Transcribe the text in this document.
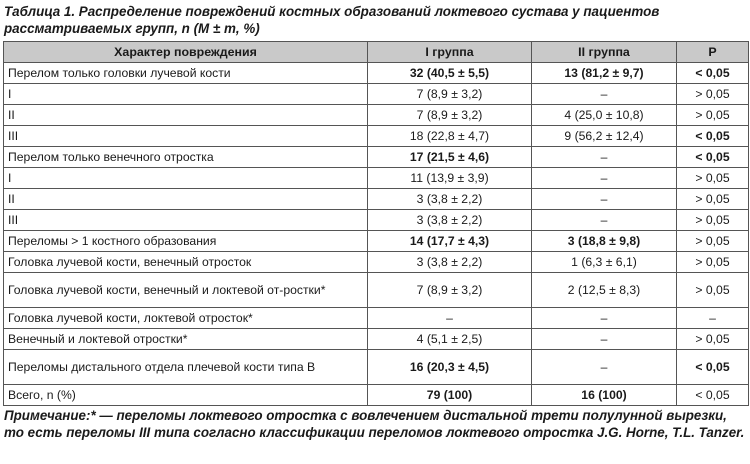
Таблица 1. Распределение повреждений костных образований локтевого сустава у пациентов рассматриваемых групп, n (M ± m, %)
Характер повреждения	I группа	II группа	P
Перелом только головки лучевой кости	32 (40,5 ± 5,5)	13 (81,2 ± 9,7)	< 0,05
I	7 (8,9 ± 3,2)	–	> 0,05
II	7 (8,9 ± 3,2)	4 (25,0 ± 10,8)	> 0,05
III	18 (22,8 ± 4,7)	9 (56,2 ± 12,4)	< 0,05
Перелом только венечного отростка	17 (21,5 ± 4,6)	–	< 0,05
I	11 (13,9 ± 3,9)	–	> 0,05
II	3 (3,8 ± 2,2)	–	> 0,05
III	3 (3,8 ± 2,2)	–	> 0,05
Переломы > 1 костного образования	14 (17,7 ± 4,3)	3 (18,8 ± 9,8)	> 0,05
Головка лучевой кости, венечный отросток	3 (3,8 ± 2,2)	1 (6,3 ± 6,1)	> 0,05
Головка лучевой кости, венечный и локтевой от-ростки*	7 (8,9 ± 3,2)	2 (12,5 ± 8,3)	> 0,05
Головка лучевой кости, локтевой отросток*	–	–	–
Венечный и локтевой отростки*	4 (5,1 ± 2,5)	–	> 0,05
Переломы дистального отдела плечевой кости типа В	16 (20,3 ± 4,5)	–	< 0,05
Всего, n (%)	79 (100)	16 (100)	< 0,05
Примечание:* — переломы локтевого отростка с вовлечением дистальной трети полулунной вырезки, то есть переломы III типа согласно классификации переломов локтевого отростка J.G. Horne, T.L. Tanzer.
